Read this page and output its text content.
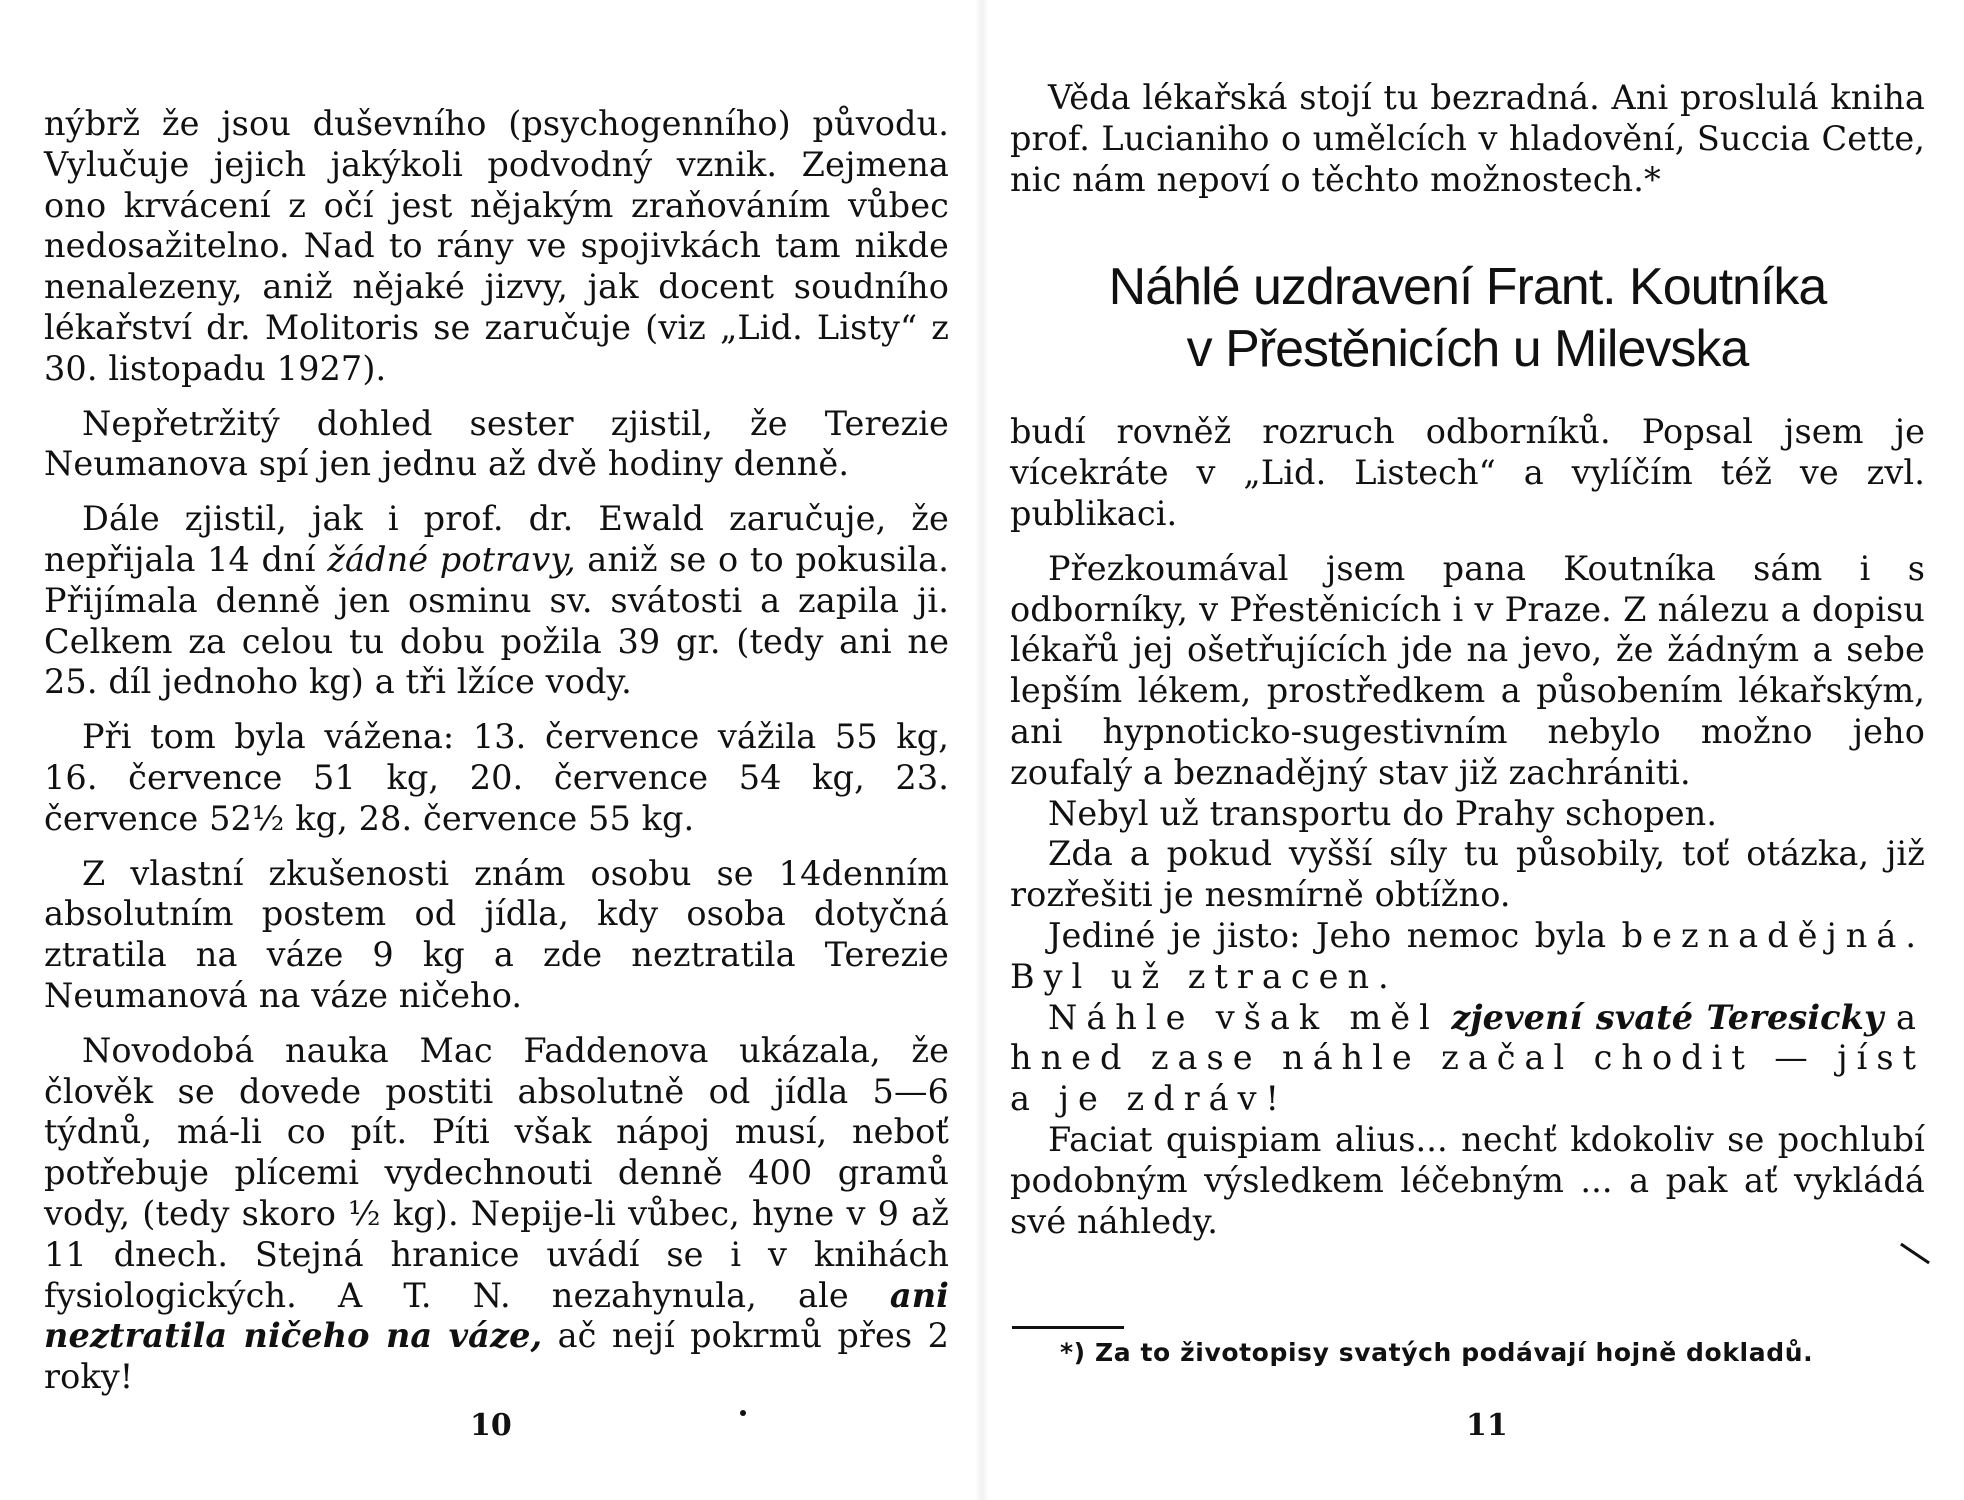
nýbrž že jsou duševního (psychogenního) původu. Vylučuje jejich jakýkoli podvodný vznik. Zejmena ono krvácení z očí jest nějakým zraňováním vůbec nedosažitelno. Nad to rány ve spojivkách tam nikde nenalezeny, aniž nějaké jizvy, jak docent soudního lékařství dr. Molitoris se zaručuje (viz „Lid. Listy“ z 30. listopadu 1927).

Nepřetržitý dohled sester zjistil, že Terezie Neumanova spí jen jednu až dvě hodiny denně.

Dále zjistil, jak i prof. dr. Ewald zaručuje, že nepřijala 14 dní žádné potravy, aniž se o to pokusila. Přijímala denně jen osminu sv. svátosti a zapila ji. Celkem za celou tu dobu požila 39 gr. (tedy ani ne 25. díl jednoho kg) a tři lžíce vody.

Při tom byla vážena: 13. července vážila 55 kg, 16. července 51 kg, 20. července 54 kg, 23. července 52½ kg, 28. července 55 kg.

Z vlastní zkušenosti znám osobu se 14denním absolutním postem od jídla, kdy osoba dotyčná ztratila na váze 9 kg a zde neztratila Terezie Neumanová na váze ničeho.

Novodobá nauka Mac Faddenova ukázala, že člověk se dovede postiti absolutně od jídla 5—6 týdnů, má-li co pít. Píti však nápoj musí, neboť potřebuje plícemi vydechnouti denně 400 gramů vody, (tedy skoro ½ kg). Nepije-li vůbec, hyne v 9 až 11 dnech. Stejná hranice uvádí se i v knihách fysiologických. A T. N. nezahynula, ale ani neztratila ničeho na váze, ač nejí pokrmů přes 2 roky!

10

Věda lékařská stojí tu bezradná. Ani proslulá kniha prof. Lucianiho o umělcích v hladovění, Succia Cette, nic nám nepoví o těchto možnostech.*

Náhlé uzdravení Frant. Koutníka
v Přestěnicích u Milevska

budí rovněž rozruch odborníků. Popsal jsem je vícekráte v „Lid. Listech“ a vylíčím též ve zvl. publikaci.

Přezkoumával jsem pana Koutníka sám i s odborníky, v Přestěnicích i v Praze. Z nálezu a dopisu lékařů jej ošetřujících jde na jevo, že žádným a sebe lepším lékem, prostředkem a působením lékařským, ani hypnoticko-sugestivním nebylo možno jeho zoufalý a beznadějný stav již zachrániti.

Nebyl už transportu do Prahy schopen.

Zda a pokud vyšší síly tu působily, toť otázka, již rozřešiti je nesmírně obtížno.

Jediné je jisto: Jeho nemoc byla beznadějná. Byl už ztracen.

Náhle však měl zjevení svaté Teresicky a hned zase náhle začal chodit — jíst a je zdráv!

Faciat quispiam alius... nechť kdokoliv se pochlubí podobným výsledkem léčebným ... a pak ať vykládá své náhledy.

11
*) Za to životopisy svatých podávají hojně dokladů.
